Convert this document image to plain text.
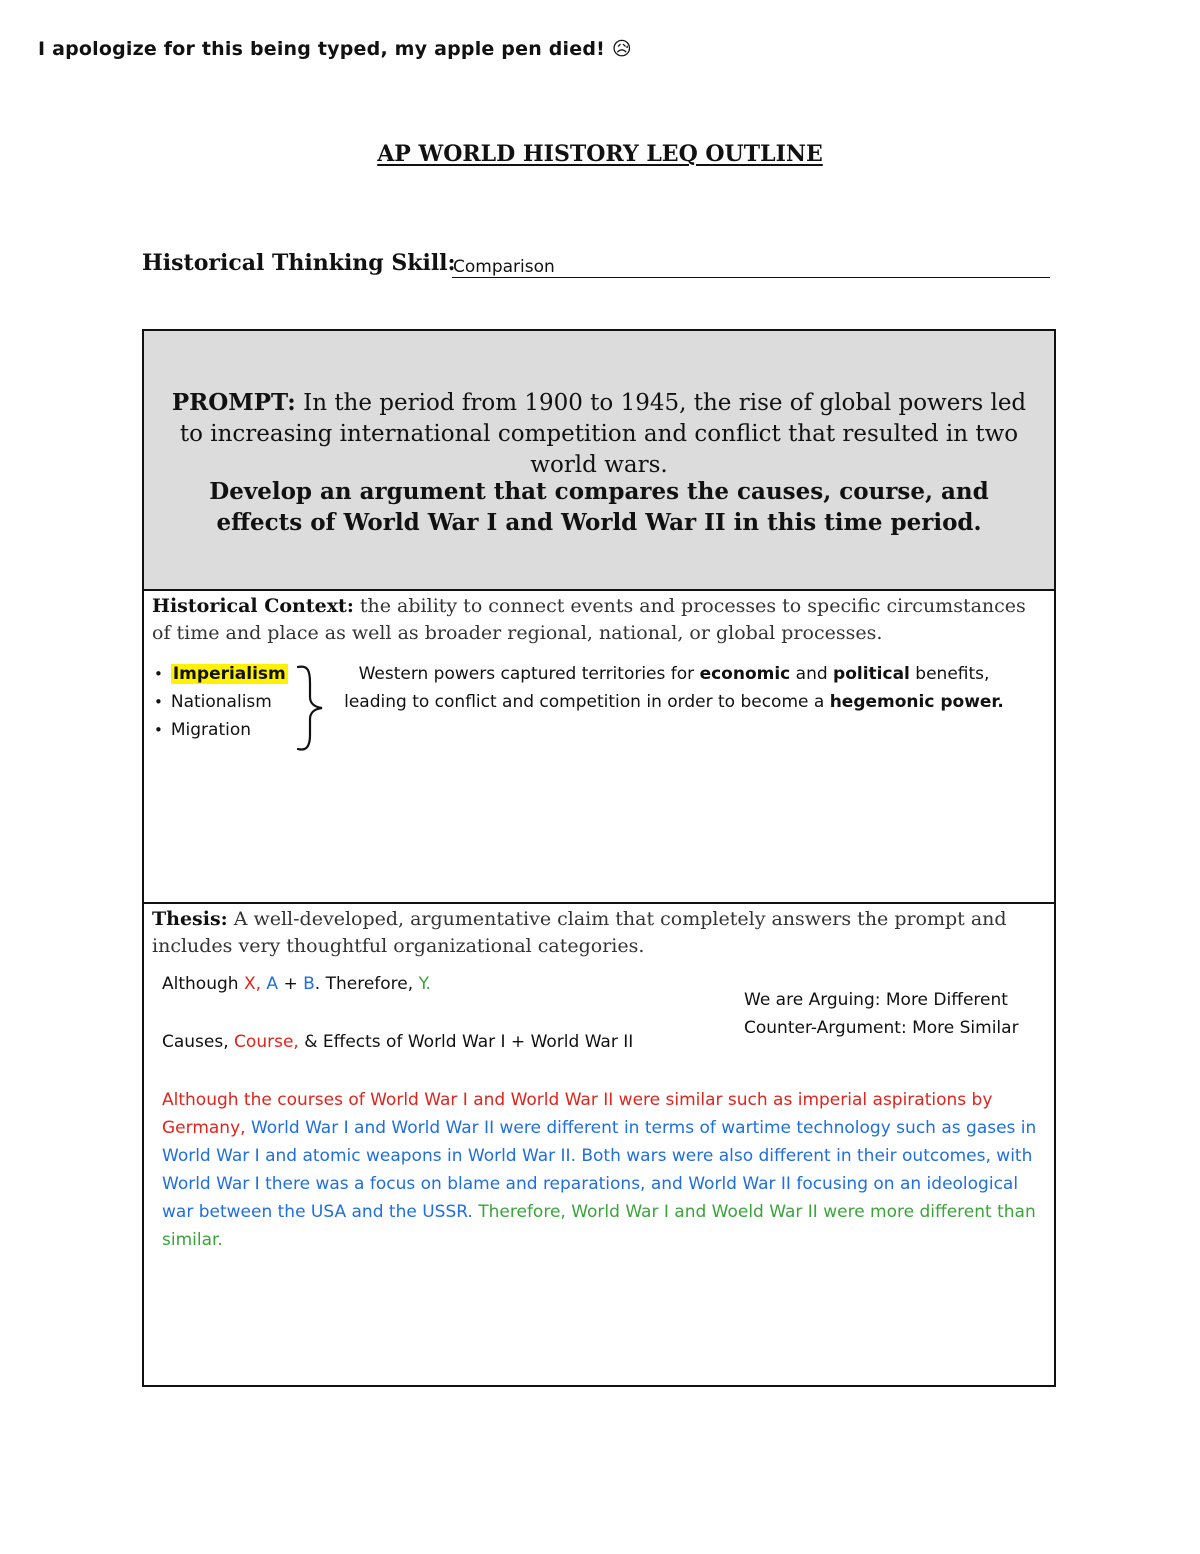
I apologize for this being typed, my apple pen died! 😥
AP WORLD HISTORY LEQ OUTLINE
Historical Thinking Skill:
Comparison
PROMPT: In the period from 1900 to 1945, the rise of global powers led to increasing international competition and conflict that resulted in two world wars.
Develop an argument that compares the causes, course, and effects of World War I and World War II in this time period.
Historical Context: the ability to connect events and processes to specific circumstances of time and place as well as broader regional, national, or global processes.
• Imperialism
• Nationalism
• Migration
Western powers captured territories for economic and political benefits, leading to conflict and competition in order to become a hegemonic power.
Thesis: A well-developed, argumentative claim that completely answers the prompt and includes very thoughtful organizational categories.
Although X, A + B. Therefore, Y.
Causes, Course, & Effects of World War I + World War II
We are Arguing: More Different
Counter-Argument: More Similar
Although the courses of World War I and World War II were similar such as imperial aspirations by Germany, World War I and World War II were different in terms of wartime technology such as gases in World War I and atomic weapons in World War II. Both wars were also different in their outcomes, with World War I there was a focus on blame and reparations, and World War II focusing on an ideological war between the USA and the USSR. Therefore, World War I and Woeld War II were more different than similar.
